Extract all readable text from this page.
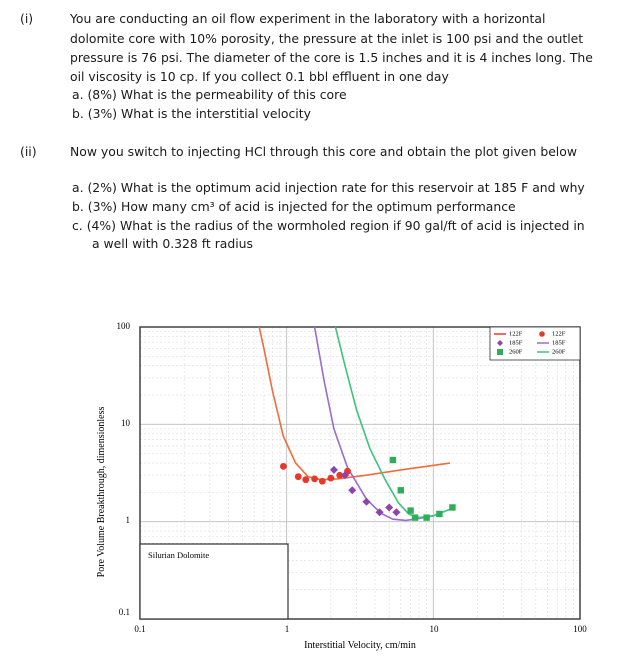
(i)	You are conducting an oil flow experiment in the laboratory with a horizontal
dolomite core with 10% porosity, the pressure at the inlet is 100 psi and the outlet
pressure is 76 psi. The diameter of the core is 1.5 inches and it is 4 inches long. The
oil viscosity is 10 cp. If you collect 0.1 bbl effluent in one day
a. (8%) What is the permeability of this core
b. (3%) What is the interstitial velocity
(ii)	Now you switch to injecting HCl through this core and obtain the plot given below
a. (2%) What is the optimum acid injection rate for this reservoir at 185 F and why
b. (3%) How many cm³ of acid is injected for the optimum performance
c. (4%) What is the radius of the wormholed region if 90 gal/ft of acid is injected in
a well with 0.328 ft radius
Silurian Dolomite
100
10
1
0.1
0.1	1	10	100
Interstitial Velocity, cm/min
Pore Volume Breakthrough, dimensionless
122F
185F
260F
122F
185F
260F
